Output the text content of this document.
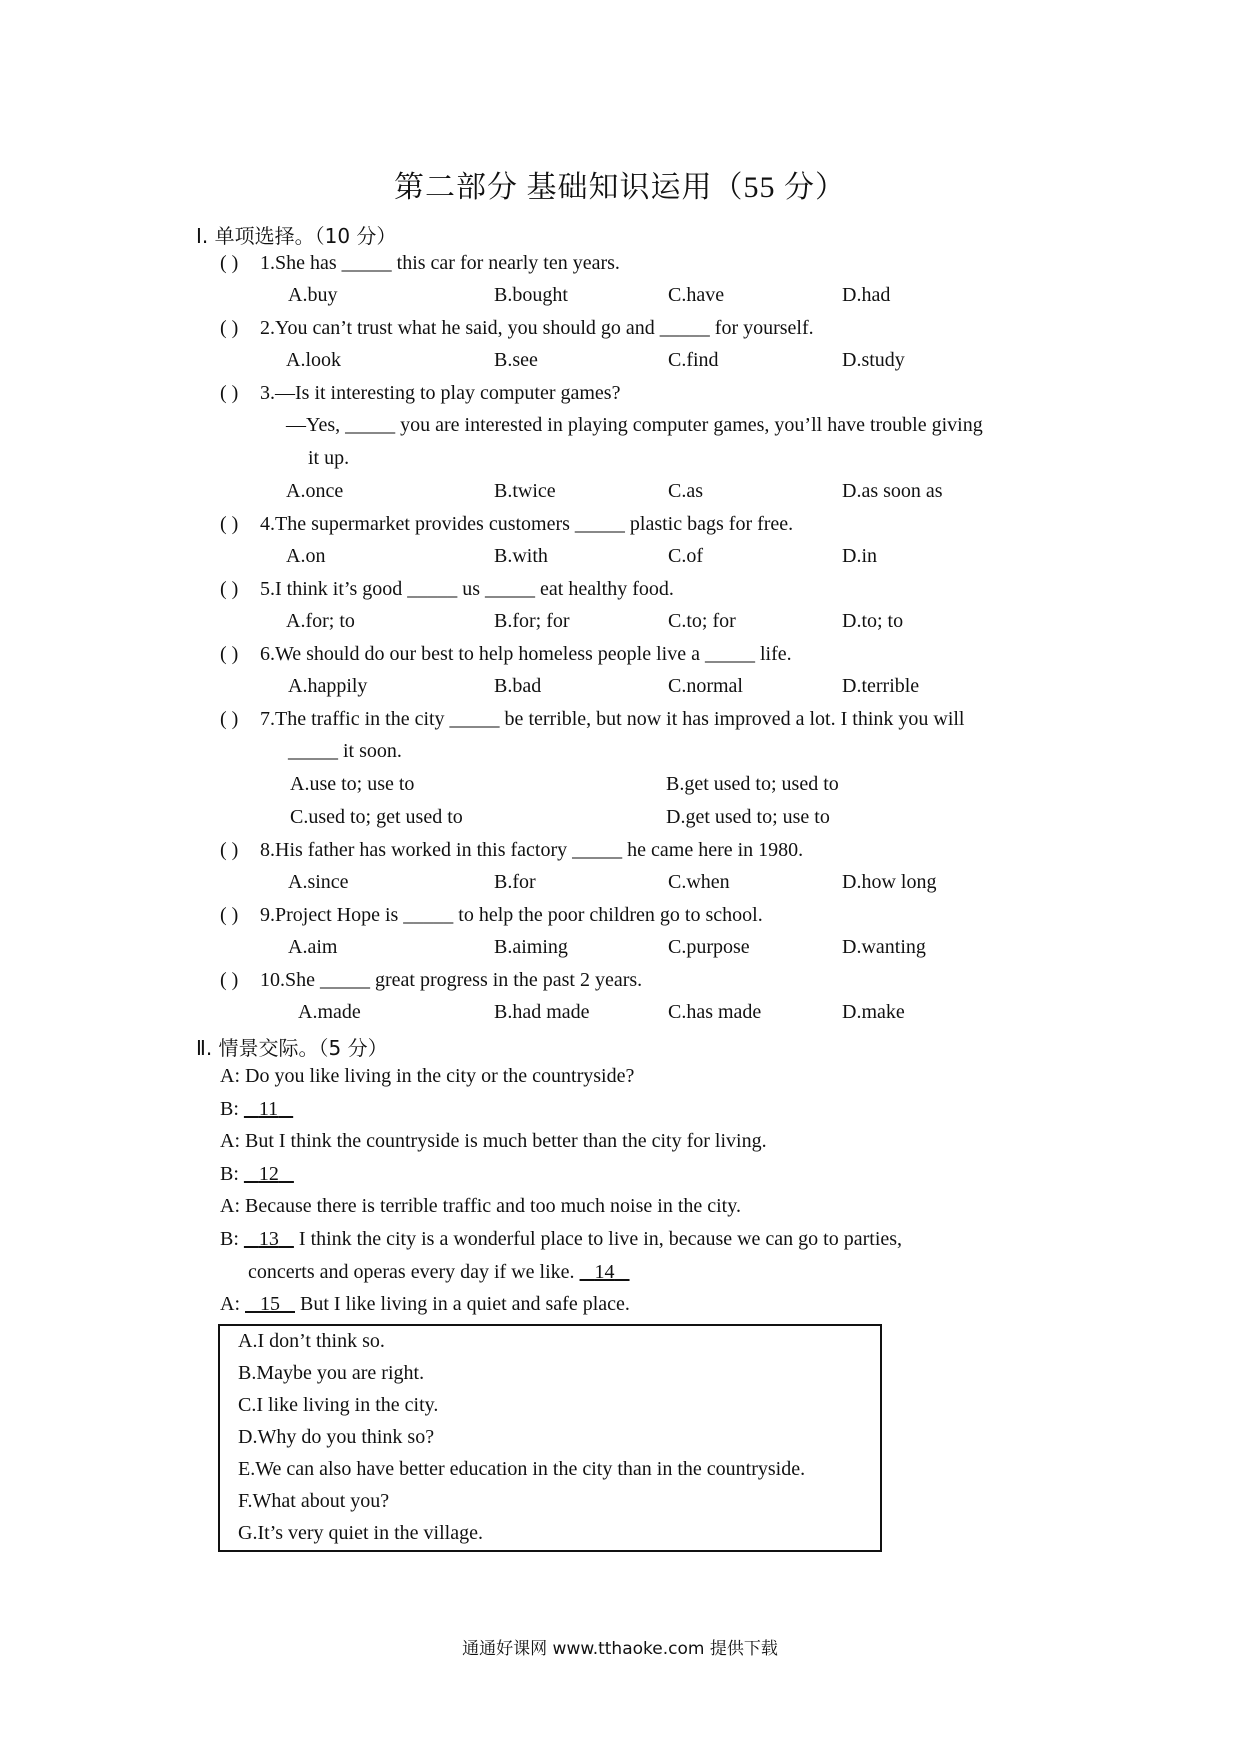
第二部分 基础知识运用（55 分）
Ⅰ. 单项选择。（10 分）
( ) 1.She has _____ this car for nearly ten years.
A.buy	B.bought	C.have	D.had
( ) 2.You can’t trust what he said, you should go and _____ for yourself.
A.look	B.see	C.find	D.study
( ) 3.—Is it interesting to play computer games?
—Yes, _____ you are interested in playing computer games, you’ll have trouble giving
it up.
A.once	B.twice	C.as	D.as soon as
( ) 4.The supermarket provides customers _____ plastic bags for free.
A.on	B.with	C.of	D.in
( ) 5.I think it’s good _____ us _____ eat healthy food.
A.for; to	B.for; for	C.to; for	D.to; to
( ) 6.We should do our best to help homeless people live a _____ life.
A.happily	B.bad	C.normal	D.terrible
( ) 7.The traffic in the city _____ be terrible, but now it has improved a lot. I think you will
_____ it soon.
A.use to; use to	B.get used to; used to
C.used to; get used to	D.get used to; use to
( ) 8.His father has worked in this factory _____ he came here in 1980.
A.since	B.for	C.when	D.how long
( ) 9.Project Hope is _____ to help the poor children go to school.
A.aim	B.aiming	C.purpose	D.wanting
( ) 10.She _____ great progress in the past 2 years.
A.made	B.had made	C.has made	D.make
Ⅱ. 情景交际。（5 分）
A: Do you like living in the city or the countryside?
B: 11
A: But I think the countryside is much better than the city for living.
B: 12
A: Because there is terrible traffic and too much noise in the city.
B: 13 I think the city is a wonderful place to live in, because we can go to parties,
concerts and operas every day if we like. 14
A: 15 But I like living in a quiet and safe place.
A.I don’t think so.
B.Maybe you are right.
C.I like living in the city.
D.Why do you think so?
E.We can also have better education in the city than in the countryside.
F.What about you?
G.It’s very quiet in the village.
通通好课网 www.tthaoke.com 提供下载
